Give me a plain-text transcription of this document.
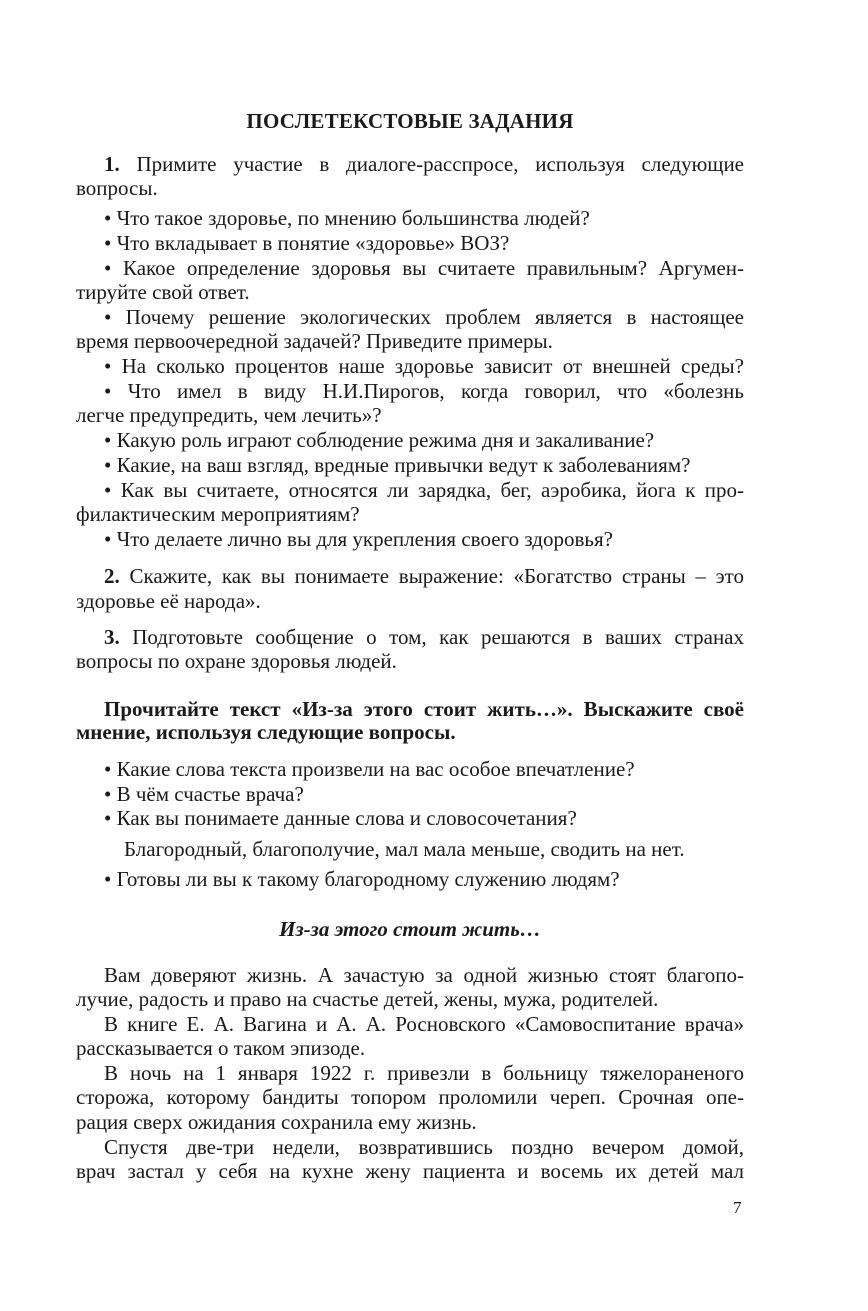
ПОСЛЕТЕКСТОВЫЕ ЗАДАНИЯ
1. Примите участие в диалоге-расспросе, используя следующие
вопросы.
• Что такое здоровье, по мнению большинства людей?
• Что вкладывает в понятие «здоровье» ВОЗ?
• Какое определение здоровья вы считаете правильным? Аргумен-
тируйте свой ответ.
• Почему решение экологических проблем является в настоящее
время первоочередной задачей? Приведите примеры.
• На сколько процентов наше здоровье зависит от внешней среды?
• Что имел в виду Н.И.Пирогов, когда говорил, что «болезнь
легче предупредить, чем лечить»?
• Какую роль играют соблюдение режима дня и закаливание?
• Какие, на ваш взгляд, вредные привычки ведут к заболеваниям?
• Как вы считаете, относятся ли зарядка, бег, аэробика, йога к про-
филактическим мероприятиям?
• Что делаете лично вы для укрепления своего здоровья?
2. Скажите, как вы понимаете выражение: «Богатство страны – это
здоровье её народа».
3. Подготовьте сообщение о том, как решаются в ваших странах
вопросы по охране здоровья людей.
Прочитайте текст «Из-за этого стоит жить…». Выскажите своё
мнение, используя следующие вопросы.
• Какие слова текста произвели на вас особое впечатление?
• В чём счастье врача?
• Как вы понимаете данные слова и словосочетания?
Благородный, благополучие, мал мала меньше, сводить на нет.
• Готовы ли вы к такому благородному служению людям?
Из-за этого стоит жить…
Вам доверяют жизнь. А зачастую за одной жизнью стоят благопо-
лучие, радость и право на счастье детей, жены, мужа, родителей.
В книге Е. А. Вагина и А. А. Росновского «Самовоспитание врача»
рассказывается о таком эпизоде.
В ночь на 1 января 1922 г. привезли в больницу тяжелораненого
сторожа, которому бандиты топором проломили череп. Срочная опе-
рация сверх ожидания сохранила ему жизнь.
Спустя две-три недели, возвратившись поздно вечером домой,
врач застал у себя на кухне жену пациента и восемь их детей мал
7
